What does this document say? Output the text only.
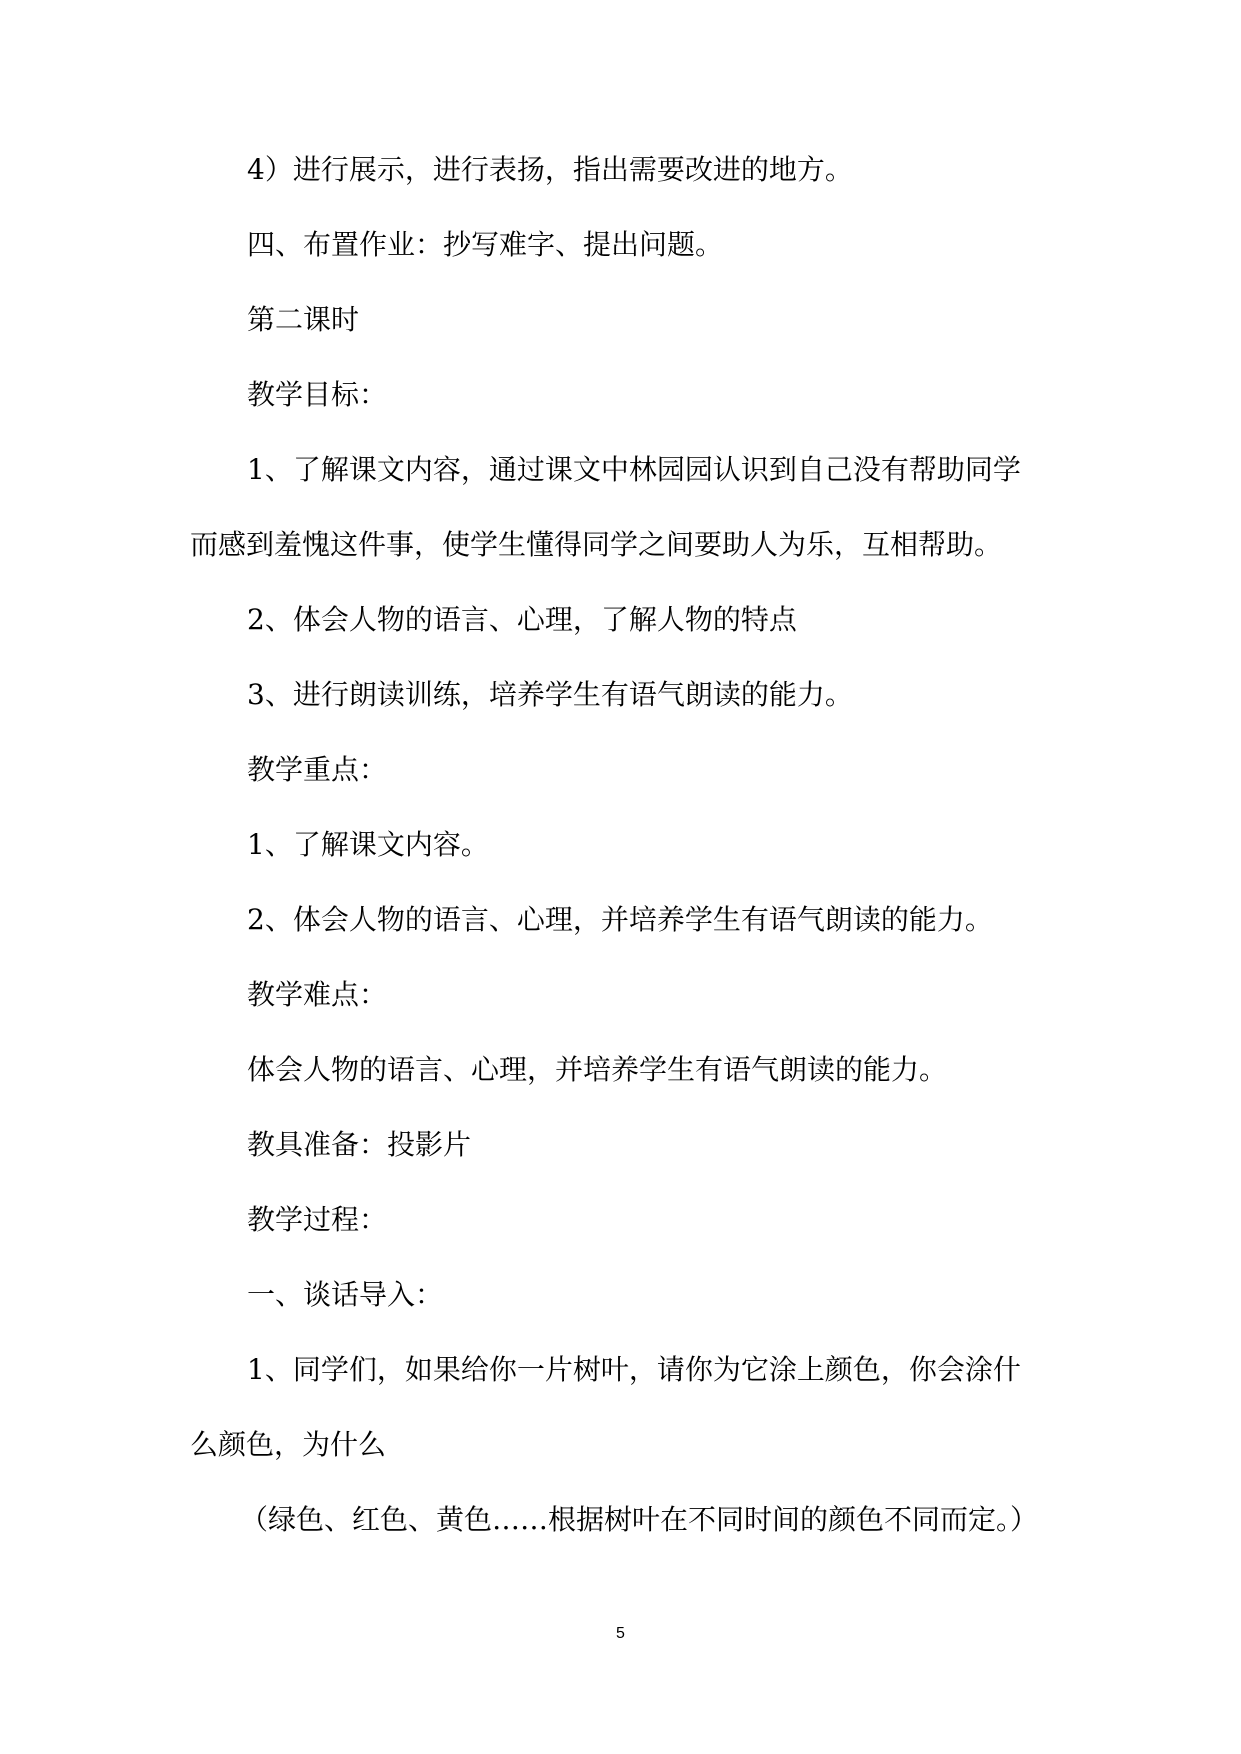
4）进行展示，进行表扬，指出需要改进的地方。

四、布置作业：抄写难字、提出问题。

第二课时

教学目标：

1、了解课文内容，通过课文中林园园认识到自己没有帮助同学

而感到羞愧这件事，使学生懂得同学之间要助人为乐，互相帮助。

2、体会人物的语言、心理，了解人物的特点

3、进行朗读训练，培养学生有语气朗读的能力。

教学重点：

1、了解课文内容。

2、体会人物的语言、心理，并培养学生有语气朗读的能力。

教学难点：

体会人物的语言、心理，并培养学生有语气朗读的能力。

教具准备：投影片

教学过程：

一、谈话导入：

1、同学们，如果给你一片树叶，请你为它涂上颜色，你会涂什

么颜色，为什么

（绿色、红色、黄色……根据树叶在不同时间的颜色不同而定。）

5
